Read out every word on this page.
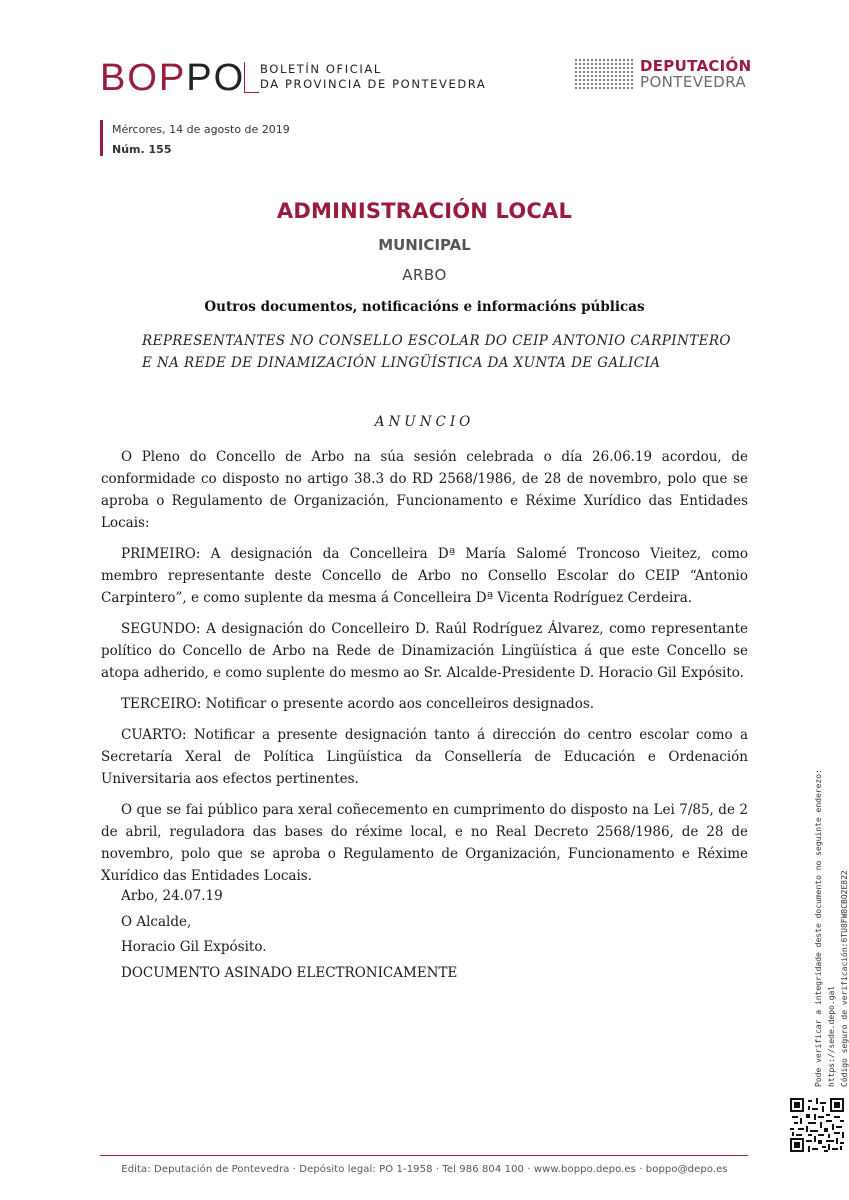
BOPPO BOLETÍN OFICIAL
DA PROVINCIA DE PONTEVEDRA
DEPUTACIÓN
PONTEVEDRA
Mércores, 14 de agosto de 2019
Núm. 155
ADMINISTRACIÓN LOCAL
MUNICIPAL
ARBO
Outros documentos, notificacións e informacións públicas
REPRESENTANTES NO CONSELLO ESCOLAR DO CEIP ANTONIO CARPINTERO E NA REDE DE DINAMIZACIÓN LINGÜÍSTICA DA XUNTA DE GALICIA
ANUNCIO

O Pleno do Concello de Arbo na súa sesión celebrada o día 26.06.19 acordou, de conformidade co disposto no artigo 38.3 do RD 2568/1986, de 28 de novembro, polo que se aproba o Regulamento de Organización, Funcionamento e Réxime Xurídico das Entidades Locais:

PRIMEIRO: A designación da Concelleira Dª María Salomé Troncoso Vieitez, como membro representante deste Concello de Arbo no Consello Escolar do CEIP “Antonio Carpintero”, e como suplente da mesma á Concelleira Dª Vicenta Rodríguez Cerdeira.

SEGUNDO: A designación do Concelleiro D. Raúl Rodríguez Álvarez, como representante político do Concello de Arbo na Rede de Dinamización Lingüística á que este Concello se atopa adherido, e como suplente do mesmo ao Sr. Alcalde-Presidente D. Horacio Gil Expósito.

TERCEIRO: Notificar o presente acordo aos concelleiros designados.

CUARTO: Notificar a presente designación tanto á dirección do centro escolar como a Secretaría Xeral de Política Lingüística da Consellería de Educación e Ordenación Universitaria aos efectos pertinentes.

O que se fai público para xeral coñecemento en cumprimento do disposto na Lei 7/85, de 2 de abril, reguladora das bases do réxime local, e no Real Decreto 2568/1986, de 28 de novembro, polo que se aproba o Regulamento de Organización, Funcionamento e Réxime Xurídico das Entidades Locais.

Arbo, 24.07.19
O Alcalde,
Horacio Gil Expósito.
DOCUMENTO ASINADO ELECTRONICAMENTE	Pode verificar a integridade deste documento no seguinte enderezo: https://sede.depo.gal Código seguro de verificación:6TU8FW8CBO2E822
Edita: Deputación de Pontevedra · Depósito legal: PO 1-1958 · Tel 986 804 100 · www.boppo.depo.es · boppo@depo.es
